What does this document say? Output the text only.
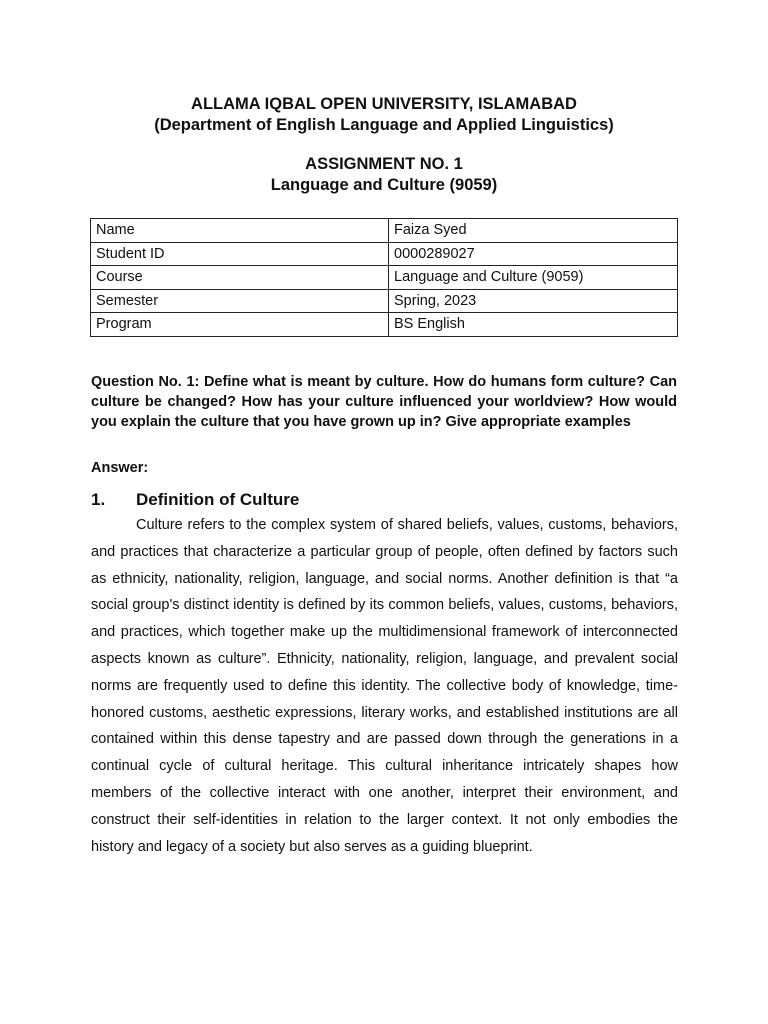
ALLAMA IQBAL OPEN UNIVERSITY, ISLAMABAD
(Department of English Language and Applied Linguistics)
ASSIGNMENT NO. 1
Language and Culture (9059)
Name	Faiza Syed
Student ID	0000289027
Course	Language and Culture (9059)
Semester	Spring, 2023
Program	BS English
Question No. 1: Define what is meant by culture. How do humans form culture? Can culture be changed? How has your culture influenced your worldview? How would you explain the culture that you have grown up in? Give appropriate examples
Answer:
1. Definition of Culture
Culture refers to the complex system of shared beliefs, values, customs, behaviors, and practices that characterize a particular group of people, often defined by factors such as ethnicity, nationality, religion, language, and social norms. Another definition is that “a social group's distinct identity is defined by its common beliefs, values, customs, behaviors, and practices, which together make up the multidimensional framework of interconnected aspects known as culture”. Ethnicity, nationality, religion, language, and prevalent social norms are frequently used to define this identity. The collective body of knowledge, time-honored customs, aesthetic expressions, literary works, and established institutions are all contained within this dense tapestry and are passed down through the generations in a continual cycle of cultural heritage. This cultural inheritance intricately shapes how members of the collective interact with one another, interpret their environment, and construct their self-identities in relation to the larger context. It not only embodies the history and legacy of a society but also serves as a guiding blueprint.
